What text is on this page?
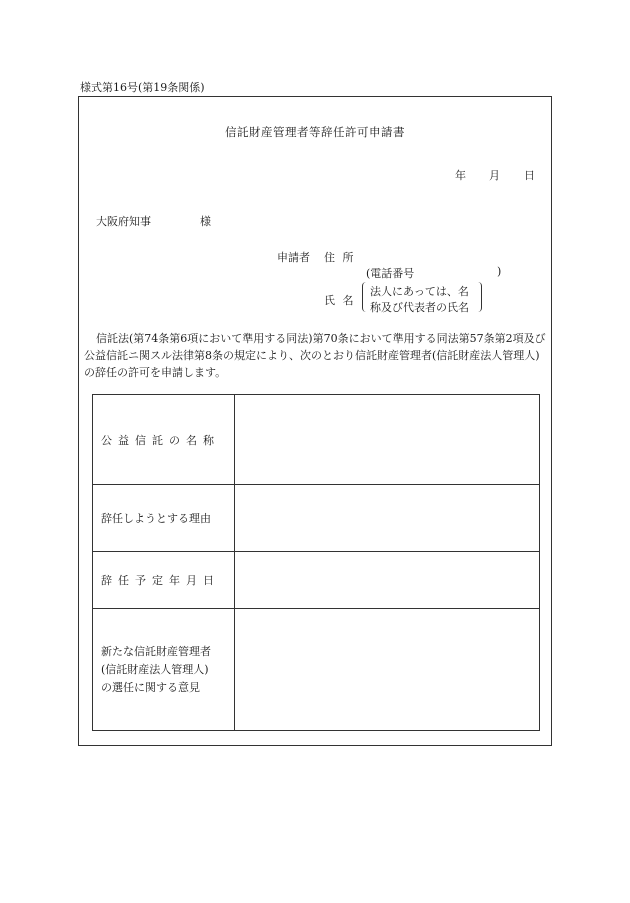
様式第16号(第19条関係)
信託財産管理者等辞任許可申請書
年 月 日
大阪府知事	様
申請者 住 所
(電話番号	)
氏 名
法人にあっては、名
称及び代表者の氏名
信託法(第74条第6項において準用する同法)第70条において準用する同法第57条第2項及び公益信託ニ関スル法律第8条の規定により、次のとおり信託財産管理者(信託財産法人管理人)の辞任の許可を申請します。
公益信託の名称	
辞任しようとする理由	
辞任予定年月日	

新たな信託財産管理者
(信託財産法人管理人)
の選任に関する意見	
